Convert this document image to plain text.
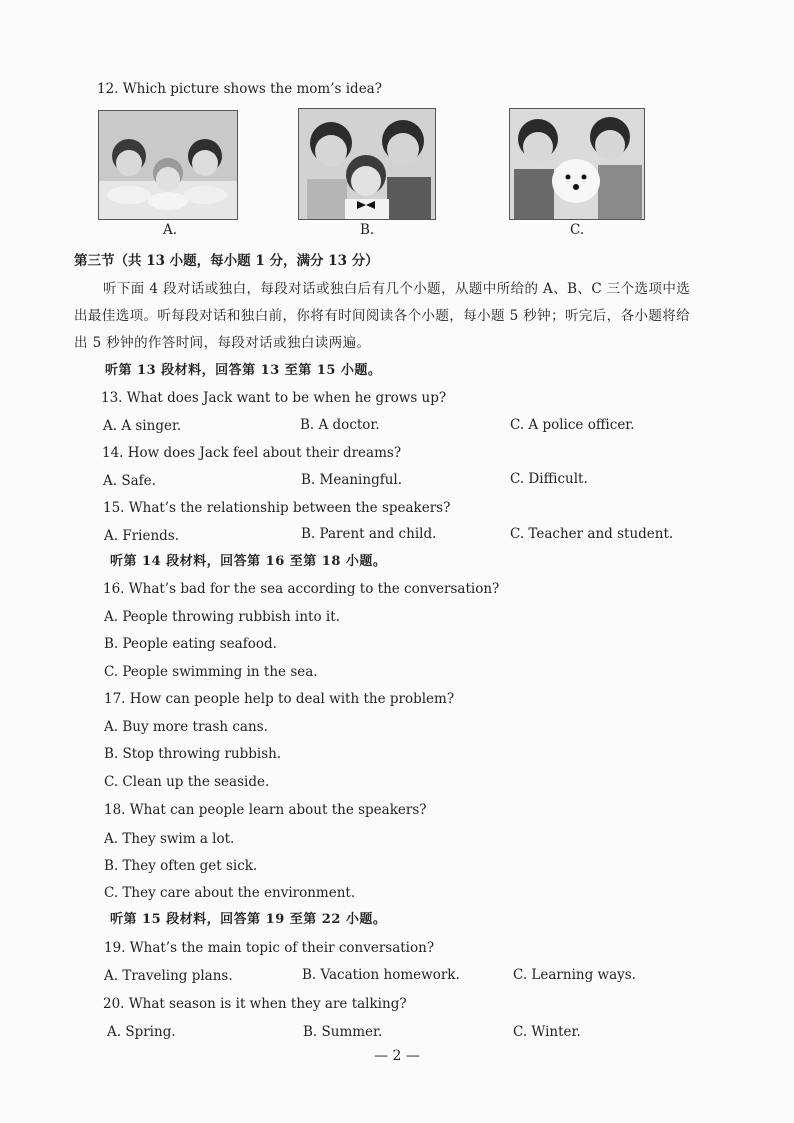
12. Which picture shows the mom’s idea?
A.	B.	C.
第三节（共 13 小题，每小题 1 分，满分 13 分）
听下面 4 段对话或独白，每段对话或独白后有几个小题，从题中所给的 A、B、C 三个选项中选
出最佳选项。听每段对话和独白前，你将有时间阅读各个小题，每小题 5 秒钟；听完后，各小题将给
出 5 秒钟的作答时间，每段对话或独白读两遍。
听第 13 段材料，回答第 13 至第 15 小题。
13. What does Jack want to be when he grows up?
A. A singer.	B. A doctor.	C. A police officer.
14. How does Jack feel about their dreams?
A. Safe.	B. Meaningful.	C. Difficult.
15. What’s the relationship between the speakers?
A. Friends.	B. Parent and child.	C. Teacher and student.
听第 14 段材料，回答第 16 至第 18 小题。
16. What’s bad for the sea according to the conversation?
A. People throwing rubbish into it.
B. People eating seafood.
C. People swimming in the sea.
17. How can people help to deal with the problem?
A. Buy more trash cans.
B. Stop throwing rubbish.
C. Clean up the seaside.
18. What can people learn about the speakers?
A. They swim a lot.
B. They often get sick.
C. They care about the environment.
听第 15 段材料，回答第 19 至第 22 小题。
19. What’s the main topic of their conversation?
A. Traveling plans.	B. Vacation homework.	C. Learning ways.
20. What season is it when they are talking?
A. Spring.	B. Summer.	C. Winter.
— 2 —
